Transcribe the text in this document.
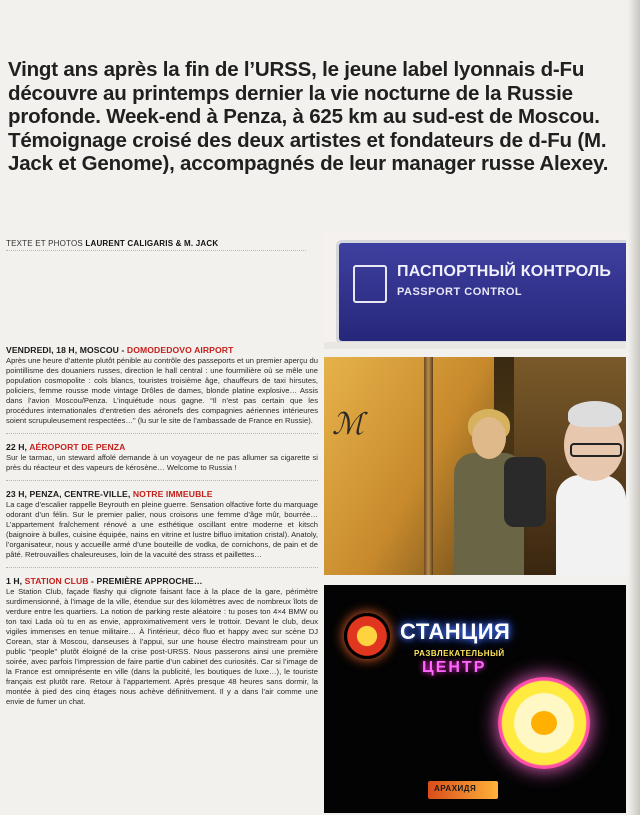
Vingt ans après la fin de l’URSS, le jeune label lyonnais d-Fu découvre au printemps dernier la vie nocturne de la Russie profonde. Week-end à Penza, à 625 km au sud-est de Moscou. Témoignage croisé des deux artistes et fondateurs de d-Fu (M. Jack et Genome), accompagnés de leur manager russe Alexey.
TEXTE ET PHOTOS LAURENT CALIGARIS & M. JACK
VENDREDI, 18 H, MOSCOU - DOMODEDOVO AIRPORT

Après une heure d’attente plutôt pénible au contrôle des passeports et un premier aperçu du pointillisme des douaniers russes, direction le hall central : une fourmilière où se mêle une population cosmopolite : cols blancs, touristes troisième âge, chauffeurs de taxi hirsutes, policiers, femme rousse mode vintage Drôles de dames, blonde platine explosive… Assis dans l’avion Moscou/Penza. L’inquiétude nous gagne. “Il n’est pas certain que les procédures internationales d’entretien des aéronefs des compagnies aériennes intérieures soient scrupuleusement respectées…” (lu sur le site de l’ambassade de France en Russie).

22 H, AÉROPORT DE PENZA

Sur le tarmac, un steward affolé demande à un voyageur de ne pas allumer sa cigarette si près du réacteur et des vapeurs de kérosène… Welcome to Russia !

23 H, PENZA, CENTRE-VILLE, NOTRE IMMEUBLE

La cage d’escalier rappelle Beyrouth en pleine guerre. Sensation olfactive forte du marquage odorant d’un félin. Sur le premier palier, nous croisons une femme d’âge mûr, bourrée… L’appartement fraîchement rénové a une esthétique oscillant entre moderne et kitsch (baignoire à bulles, cuisine équipée, nains en vitrine et lustre bifluo imitation cristal). Anatoly, l’organisateur, nous y accueille armé d’une bouteille de vodka, de cornichons, de pain et de pâté. Retrouvailles chaleureuses, loin de la vacuité des strass et paillettes…

1 H, STATION CLUB - PREMIÈRE APPROCHE…

Le Station Club, façade flashy qui clignote faisant face à la place de la gare, périmètre surdimensionné, à l’image de la ville, étendue sur des kilomètres avec de nombreux îlots de verdure entre les quartiers. La notion de parking reste aléatoire : tu poses ton 4×4 BMW ou ton taxi Lada où tu en as envie, approximativement vers le trottoir. Devant le club, deux vigiles immenses en tenue militaire… À l’intérieur, déco fluo et happy avec sur scène DJ Corean, star à Moscou, danseuses à l’appui, sur une house électro mainstream pour un public “people” plutôt éloigné de la crise post-URSS. Nous passerons ainsi une première soirée, avec parfois l’impression de faire partie d’un cabinet des curiosités. Car si l’image de la France est omniprésente en ville (dans la publicité, les boutiques de luxe…), le touriste français est plutôt rare. Retour à l’appartement. Après presque 48 heures sans dormir, la montée à pied des cinq étages nous achève définitivement. Il y a dans l’air comme une envie de fumer un chat.

ПАСПОРТНЫЙ КОНТРОЛЬ
PASSPORT CONTROL
ℳ
СТАНЦИЯ
РАЗВЛЕКАТЕЛЬНЫЙ
ЦЕНТР
АРАХИДЯ
